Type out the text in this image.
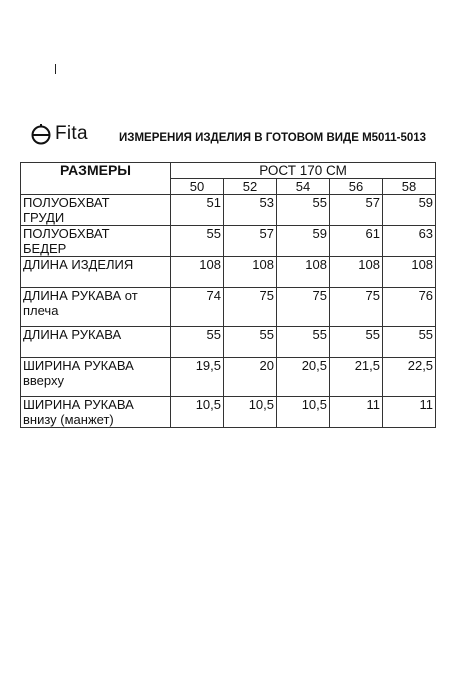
Fita	ИЗМЕРЕНИЯ ИЗДЕЛИЯ В ГОТОВОМ ВИДЕ М5011-5013
РАЗМЕРЫ	РОСТ 170 СМ				
	50	52	54	56	58
ПОЛУОБХВАТ
ГРУДИ	51	53	55	57	59
ПОЛУОБХВАТ
БЕДЕР	55	57	59	61	63
ДЛИНА ИЗДЕЛИЯ	108	108	108	108	108
ДЛИНА РУКАВА от
плеча	74	75	75	75	76
ДЛИНА РУКАВА	55	55	55	55	55
ШИРИНА РУКАВА
вверху	19,5	20	20,5	21,5	22,5
ШИРИНА РУКАВА
внизу (манжет)	10,5	10,5	10,5	11	11
